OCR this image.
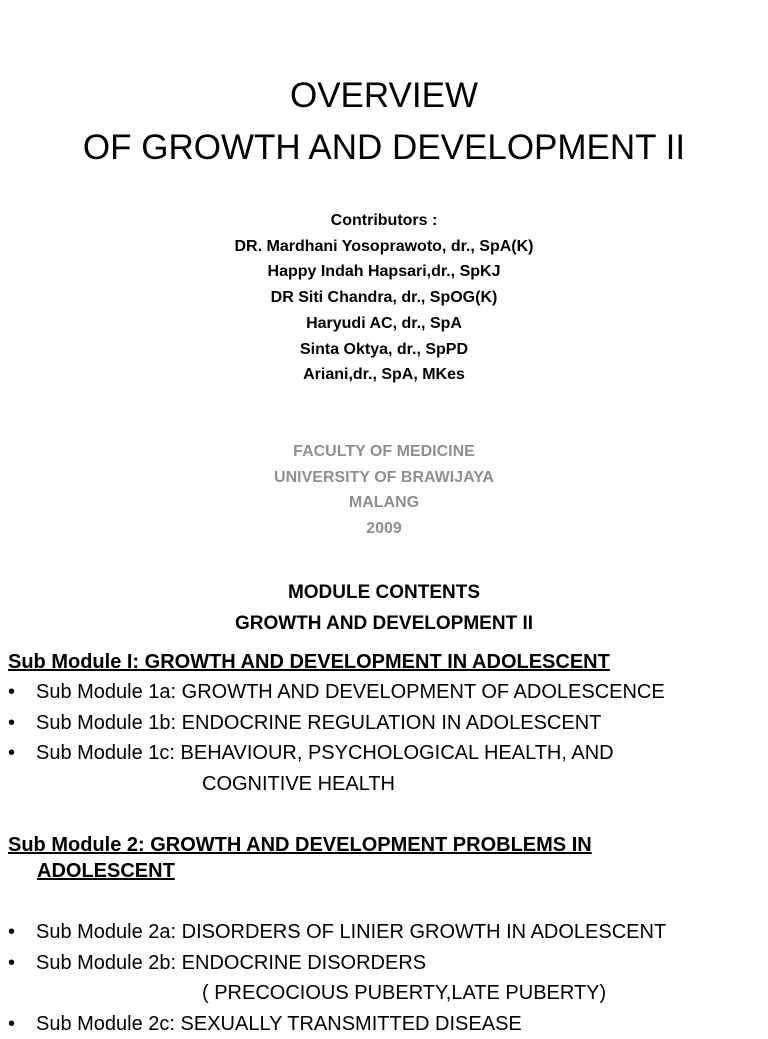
OVERVIEW
OF GROWTH AND DEVELOPMENT II
Contributors :
DR. Mardhani Yosoprawoto, dr., SpA(K)
Happy Indah Hapsari,dr., SpKJ
DR Siti Chandra, dr., SpOG(K)
Haryudi AC, dr., SpA
Sinta Oktya, dr., SpPD
Ariani,dr., SpA, MKes
FACULTY OF MEDICINE
UNIVERSITY OF BRAWIJAYA
MALANG
2009
MODULE CONTENTS
GROWTH AND DEVELOPMENT II
Sub Module I: GROWTH AND DEVELOPMENT IN ADOLESCENT
• Sub Module 1a: GROWTH AND DEVELOPMENT OF ADOLESCENCE
• Sub Module 1b: ENDOCRINE REGULATION IN ADOLESCENT
• Sub Module 1c: BEHAVIOUR, PSYCHOLOGICAL HEALTH, AND
COGNITIVE HEALTH
Sub Module 2: GROWTH AND DEVELOPMENT PROBLEMS IN
ADOLESCENT
• Sub Module 2a: DISORDERS OF LINIER GROWTH IN ADOLESCENT
• Sub Module 2b: ENDOCRINE DISORDERS
( PRECOCIOUS PUBERTY,LATE PUBERTY)
• Sub Module 2c: SEXUALLY TRANSMITTED DISEASE
